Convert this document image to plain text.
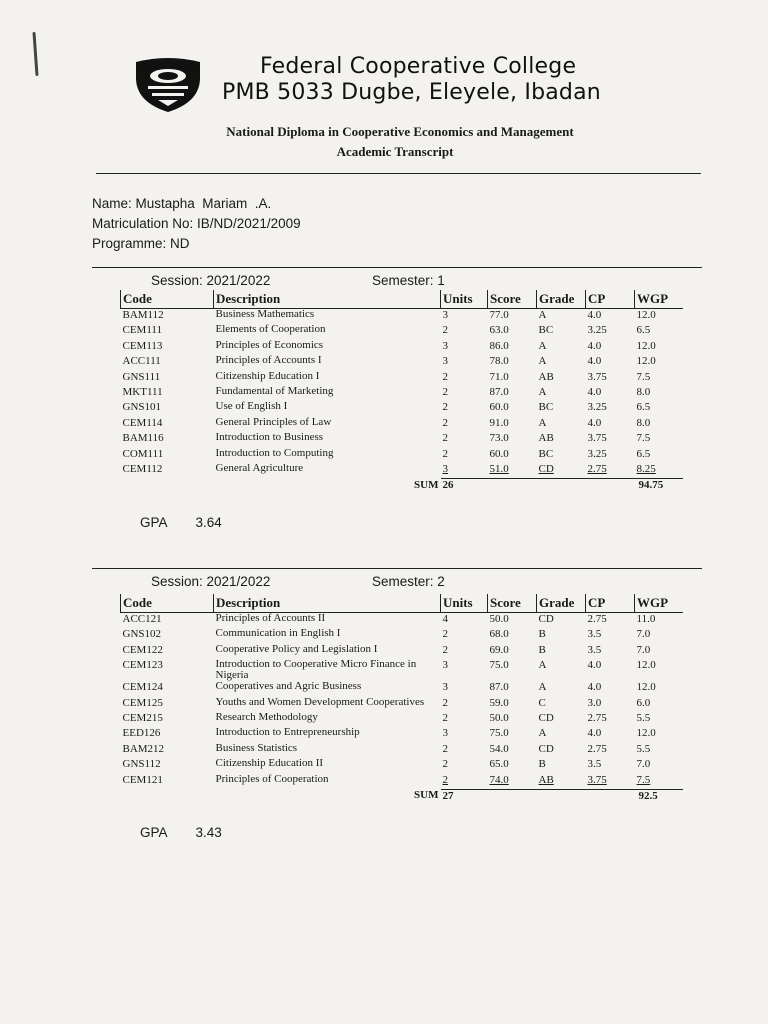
Federal Cooperative College
PMB 5033 Dugbe, Eleyele, Ibadan
National Diploma in Cooperative Economics and Management
Academic Transcript
Name: Mustapha  Mariam  .A.
Matriculation No: IB/ND/2021/2009
Programme: ND
Session: 2021/2022	Semester: 1
Code	Description	Units	Score	Grade	CP	WGP
BAM112	Business Mathematics	3	77.0	A	4.0	12.0
CEM111	Elements of Cooperation	2	63.0	BC	3.25	6.5
CEM113	Principles of Economics	3	86.0	A	4.0	12.0
ACC111	Principles of Accounts I	3	78.0	A	4.0	12.0
GNS111	Citizenship Education I	2	71.0	AB	3.75	7.5
MKT111	Fundamental of Marketing	2	87.0	A	4.0	8.0
GNS101	Use of English I	2	60.0	BC	3.25	6.5
CEM114	General Principles of Law	2	91.0	A	4.0	8.0
BAM116	Introduction to Business	2	73.0	AB	3.75	7.5
COM111	Introduction to Computing	2	60.0	BC	3.25	6.5
CEM112	General Agriculture	3	51.0	CD	2.75	8.25
	SUM	26				94.75
GPA 3.64
Session: 2021/2022	Semester: 2
Code	Description	Units	Score	Grade	CP	WGP
ACC121	Principles of Accounts II	4	50.0	CD	2.75	11.0
GNS102	Communication in English I	2	68.0	B	3.5	7.0
CEM122	Cooperative Policy and Legislation I	2	69.0	B	3.5	7.0
CEM123	Introduction to Cooperative Micro Finance in Nigeria	3	75.0	A	4.0	12.0
CEM124	Cooperatives and Agric Business	3	87.0	A	4.0	12.0
CEM125	Youths and Women Development Cooperatives	2	59.0	C	3.0	6.0
CEM215	Research Methodology	2	50.0	CD	2.75	5.5
EED126	Introduction to Entrepreneurship	3	75.0	A	4.0	12.0
BAM212	Business Statistics	2	54.0	CD	2.75	5.5
GNS112	Citizenship Education II	2	65.0	B	3.5	7.0
CEM121	Principles of Cooperation	2	74.0	AB	3.75	7.5
	SUM	27				92.5
GPA 3.43
